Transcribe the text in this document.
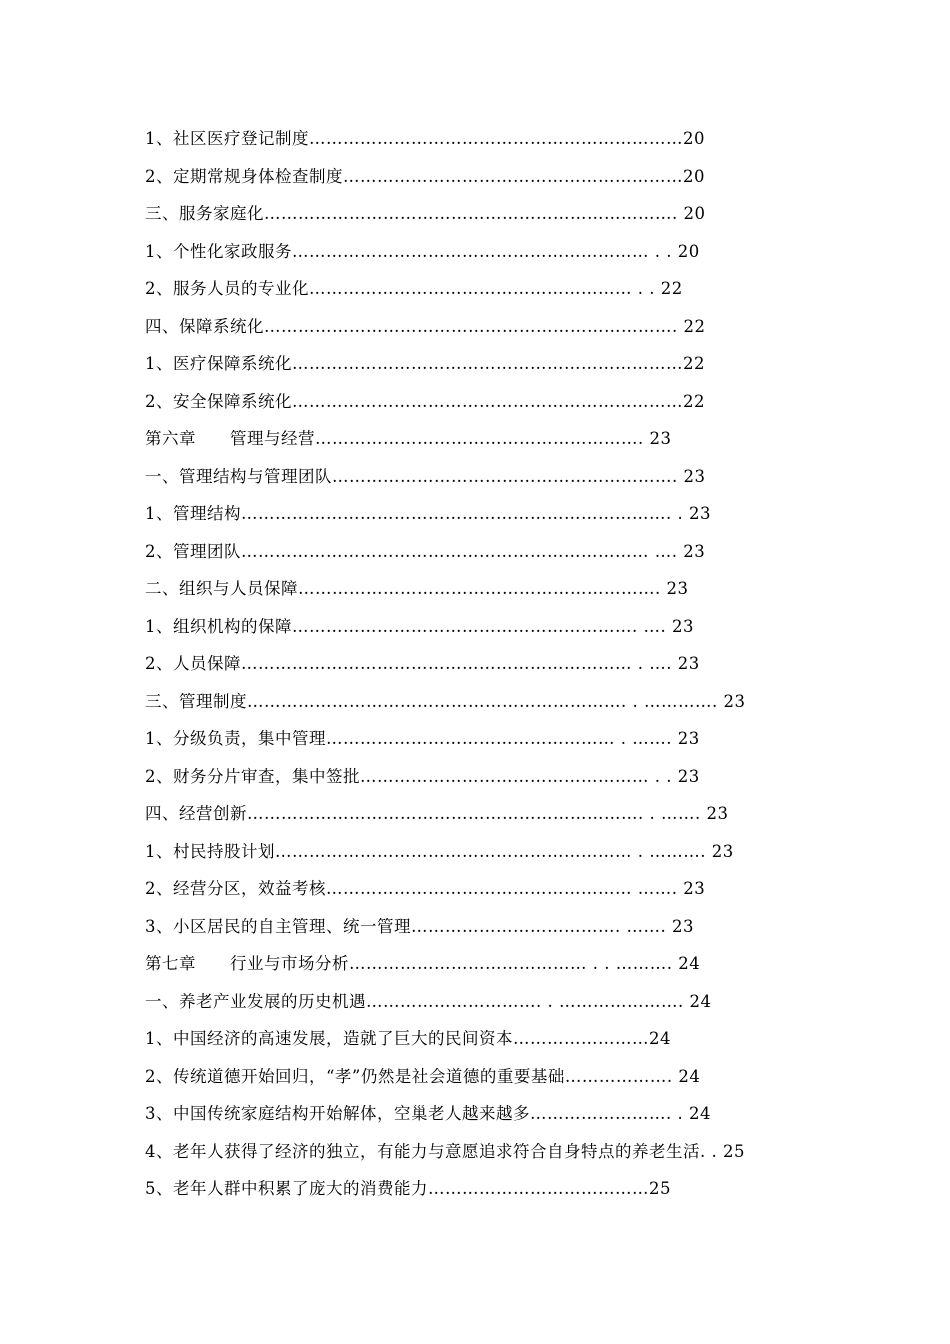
1、社区医疗登记制度…………………………………………………………20
2、定期常规身体检查制度……………………………………………………20
三、服务家庭化………………………………………………………………. 20
1、个性化家政服务……………………………………………………… . . 20
2、服务人员的专业化………………………………………………… . . 22
四、保障系统化………………………………………………………………. 22
1、医疗保障系统化……………………………………………………………22
2、安全保障系统化……………………………………………………………22
第六章　　管理与经营…………………………………………………. 23
一、管理结构与管理团队……………………………………………………. 23
1、管理结构…………………………………………………………………. . 23
2、管理团队……………………………………………………………… …. 23
二、组织与人员保障………………………………………………………. 23
1、组织机构的保障……………………………………………………. …. 23
2、人员保障…………………………………………………………… . …. 23
三、管理制度…………………………………………………………. . …………. 23
1、分级负责，集中管理…………………………………………… . ……. 23
2、财务分片审查，集中签批…………………………………………… . . 23
四、经营创新……………………………………………………………. . ……. 23
1、村民持股计划……………………………………………………… . ………. 23
2、经营分区，效益考核……………………………………………… ……. 23
3、小区居民的自主管理、统一管理………………………………. ……. 23
第七章　　行业与市场分析…………………………………… . . ………. 24
一、养老产业发展的历史机遇…………………………. . …………………. 24
1、中国经济的高速发展，造就了巨大的民间资本……………………24
2、传统道德开始回归，“孝”仍然是社会道德的重要基础………………. 24
3、中国传统家庭结构开始解体，空巢老人越来越多……………………. . 24
4、老年人获得了经济的独立，有能力与意愿追求符合自身特点的养老生活. . 25
5、老年人群中积累了庞大的消费能力…………………………………25
